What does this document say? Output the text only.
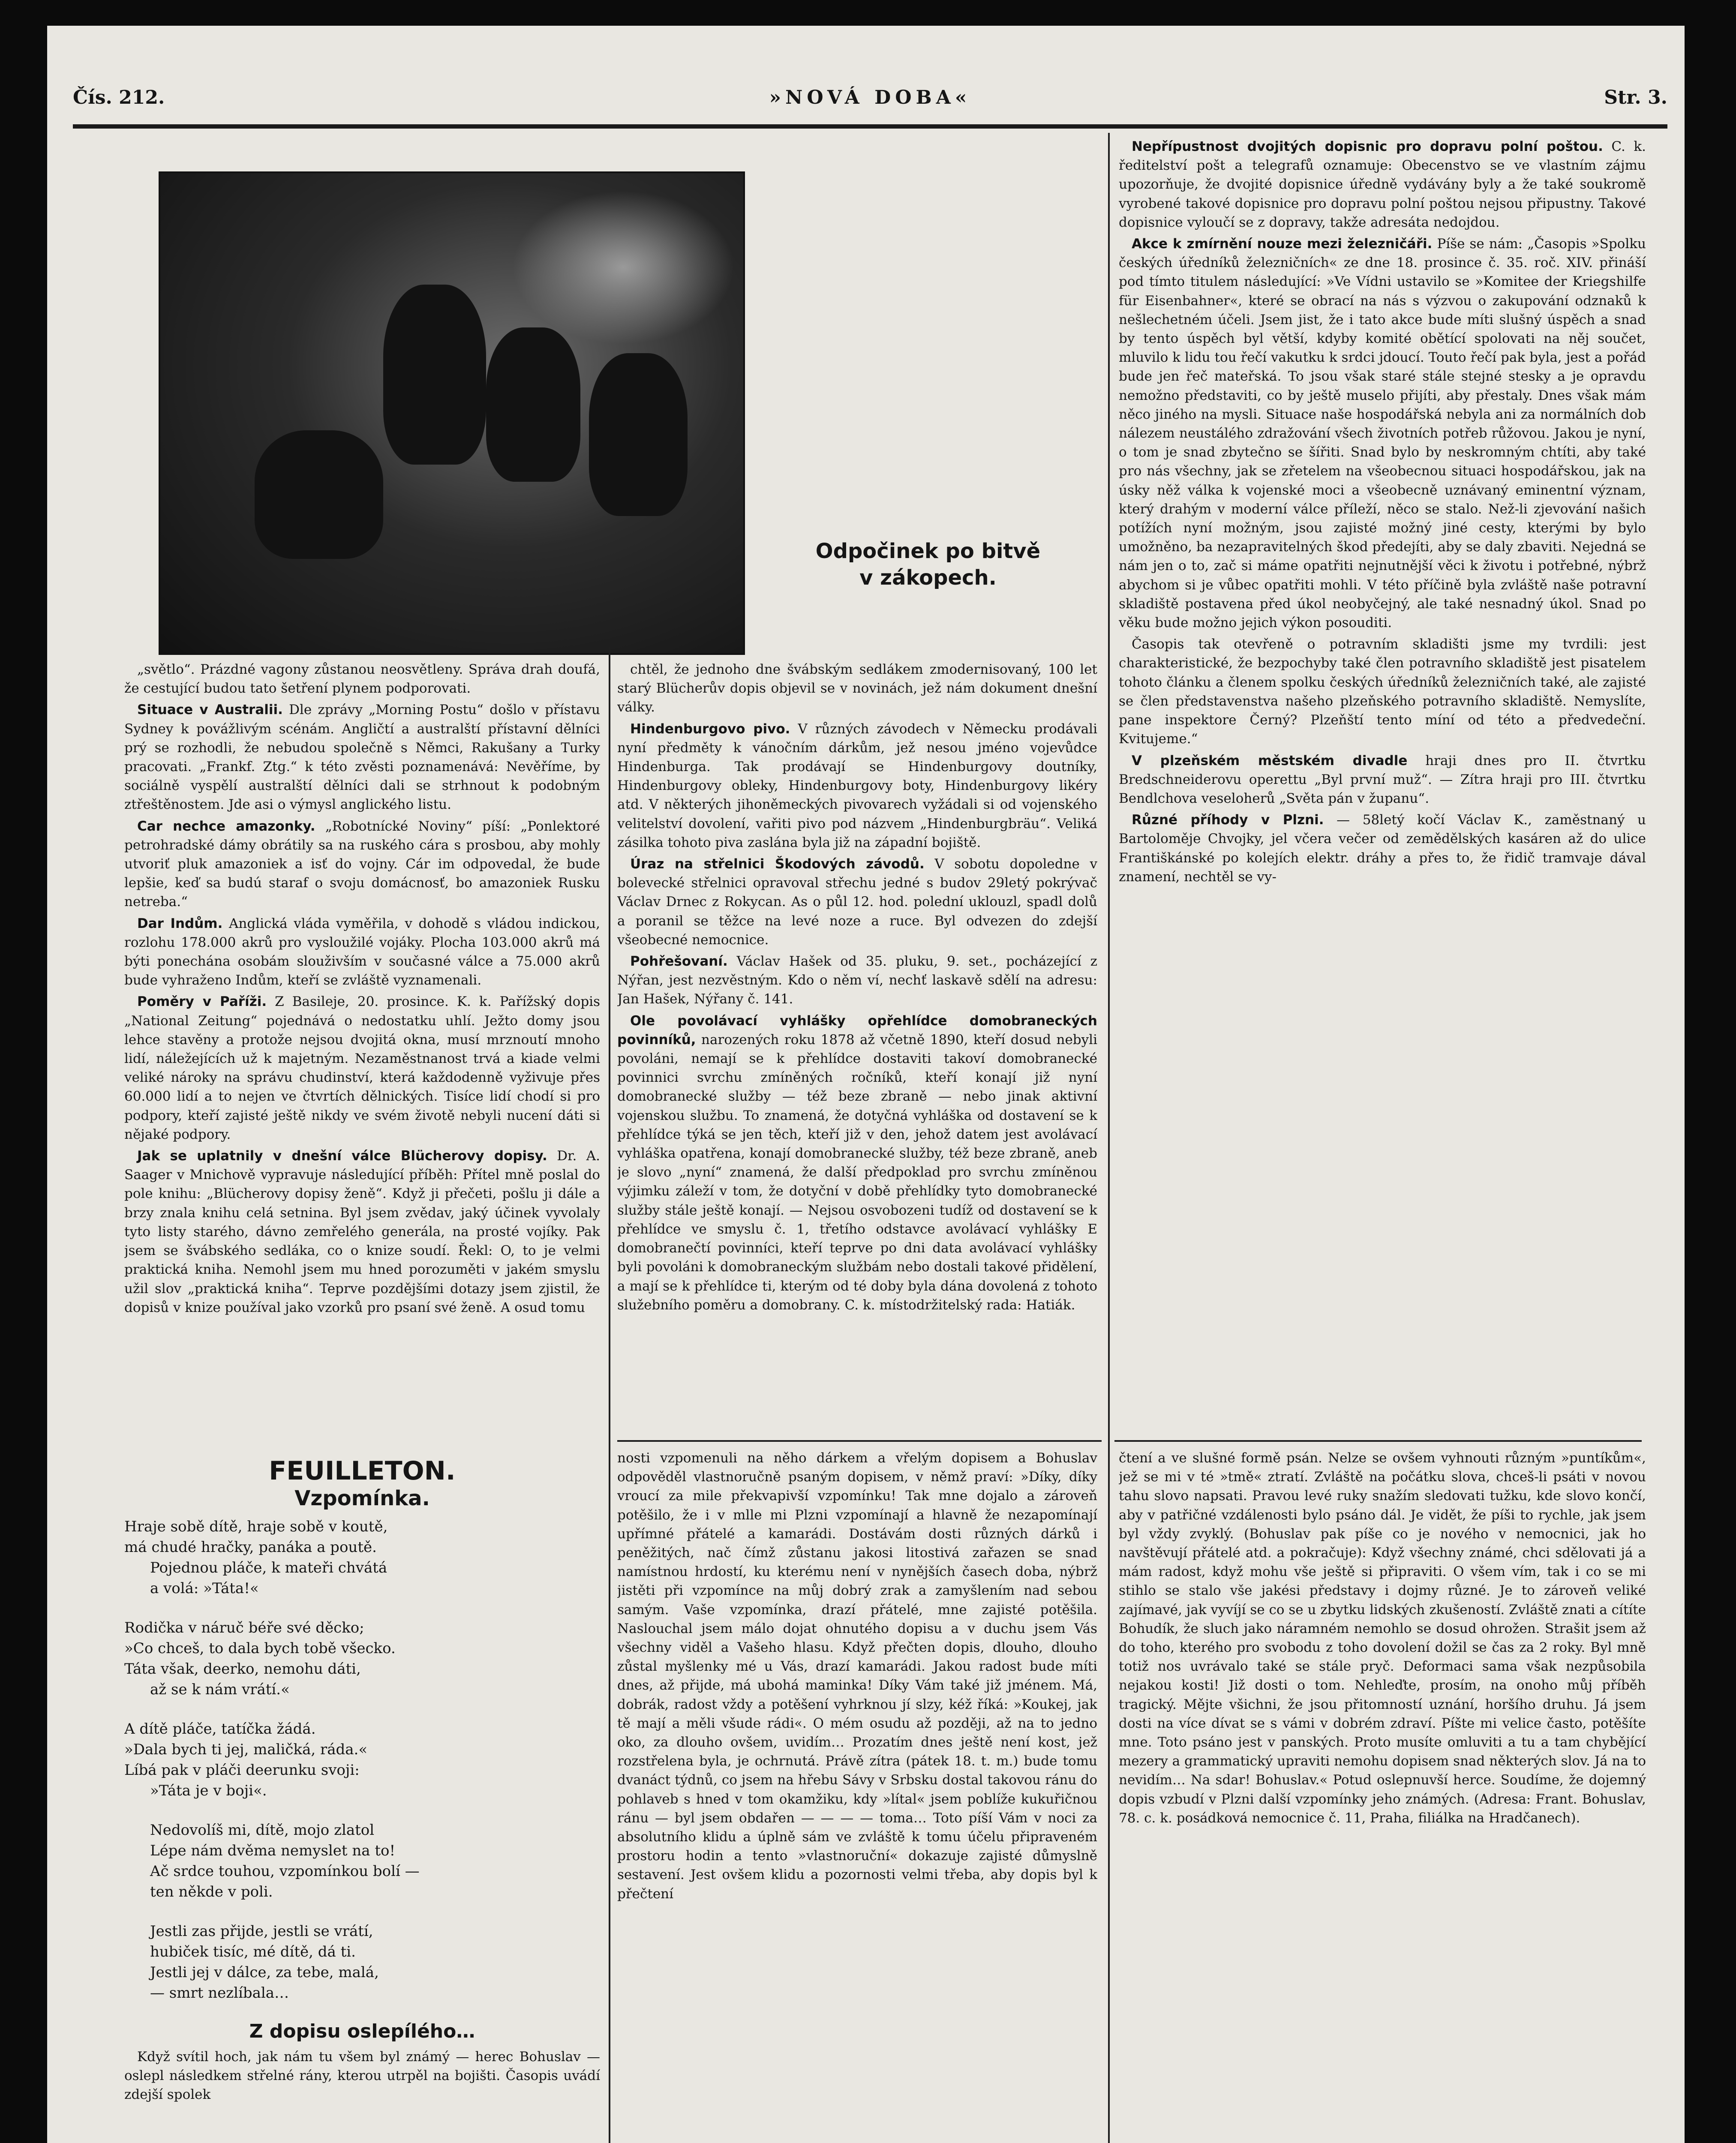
Čís. 212.	»NOVÁ DOBA«	Str. 3.
Odpočinek po bitvě
v zákopech.

„světlo“. Prázdné vagony zůstanou neosvětleny. Správa drah doufá, že cestující budou tato šetření plynem podporovati.

Situace v Australii. Dle zprávy „Morning Postu“ došlo v přístavu Sydney k povážlivým scénám. Angličtí a australští přístavní dělníci prý se rozhodli, že nebudou společně s Němci, Rakušany a Turky pracovati. „Frankf. Ztg.“ k této zvěsti poznamenává: Nevěříme, by sociálně vyspělí australští dělníci dali se strhnout k podobným ztřeštěnostem. Jde asi o výmysl anglického listu.

Car nechce amazonky. „Robotnícké Noviny“ píší: „Ponlektoré petrohradské dámy obrátily sa na ruského cára s prosbou, aby mohly utvoriť pluk amazoniek a isť do vojny. Cár im odpovedal, že bude lepšie, keď sa budú staraf o svoju domácnosť, bo amazoniek Rusku netreba.“

Dar Indům. Anglická vláda vyměřila, v dohodě s vládou indickou, rozlohu 178.000 akrů pro vysloužilé vojáky. Plocha 103.000 akrů má býti ponechána osobám slouživším v současné válce a 75.000 akrů bude vyhraženo Indům, kteří se zvláště vyznamenali.

Poměry v Paříži. Z Basileje, 20. prosince. K. k. Pařížský dopis „National Zeitung“ pojednává o nedostatku uhlí. Ježto domy jsou lehce stavěny a protože nejsou dvojitá okna, musí mrznoutí mnoho lidí, náležejících už k majetným. Nezaměstnanost trvá a kiade velmi veliké nároky na správu chudinství, která každodenně vyživuje přes 60.000 lidí a to nejen ve čtvrtích dělnických. Tisíce lidí chodí si pro podpory, kteří zajisté ještě nikdy ve svém životě nebyli nucení dáti si nějaké podpory.

Jak se uplatnily v dnešní válce Blücherovy dopisy. Dr. A. Saager v Mnichově vypravuje následující příběh: Přítel mně poslal do pole knihu: „Blücherovy dopisy ženě“. Když ji přečeti, pošlu ji dále a brzy znala knihu celá setnina. Byl jsem zvědav, jaký účinek vyvolaly tyto listy starého, dávno zemřelého generála, na prosté vojíky. Pak jsem se švábského sedláka, co o knize soudí. Řekl: O, to je velmi praktická kniha. Nemohl jsem mu hned porozuměti v jakém smyslu užil slov „praktická kniha“. Teprve pozdějšími dotazy jsem zjistil, že dopisů v knize používal jako vzorků pro psaní své ženě. A osud tomu

chtěl, že jednoho dne švábským sedlákem zmodernisovaný, 100 let starý Blücherův dopis objevil se v novinách, jež nám dokument dnešní války.

Hindenburgovo pivo. V různých závodech v Německu prodávali nyní předměty k vánočním dárkům, jež nesou jméno vojevůdce Hindenburga. Tak prodávají se Hindenburgovy doutníky, Hindenburgovy obleky, Hindenburgovy boty, Hindenburgovy likéry atd. V některých jihoněmeckých pivovarech vyžádali si od vojenského velitelství dovolení, vařiti pivo pod názvem „Hindenburgbräu“. Veliká zásilka tohoto piva zaslána byla již na západní bojiště.

Úraz na střelnici Škodových závodů. V sobotu dopoledne v bolevecké střelnici opravoval střechu jedné s budov 29letý pokrývač Václav Drnec z Rokycan. As o půl 12. hod. polední uklouzl, spadl dolů a poranil se těžce na levé noze a ruce. Byl odvezen do zdejší všeobecné nemocnice.

Pohřešovaní. Václav Hašek od 35. pluku, 9. set., pocházející z Nýřan, jest nezvěstným. Kdo o něm ví, nechť laskavě sdělí na adresu: Jan Hašek, Nýřany č. 141.

Ole povolávací vyhlášky opřehlídce domobraneckých povinníků, narozených roku 1878 až včetně 1890, kteří dosud nebyli povoláni, nemají se k přehlídce dostaviti takoví domobranecké povinnici svrchu zmíněných ročníků, kteří konají již nyní domobranecké služby — též beze zbraně — nebo jinak aktivní vojenskou službu. To znamená, že dotyčná vyhláška od dostavení se k přehlídce týká se jen těch, kteří již v den, jehož datem jest avolávací vyhláška opatřena, konají domobranecké služby, též beze zbraně, aneb je slovo „nyní“ znamená, že další předpoklad pro svrchu zmíněnou výjimku záleží v tom, že dotyční v době přehlídky tyto domobranecké služby stále ještě konají. — Nejsou osvobozeni tudíž od dostavení se k přehlídce ve smyslu č. 1, třetího odstavce avolávací vyhlášky E domobranečtí povinníci, kteří teprve po dni data avolávací vyhlášky byli povoláni k domobraneckým službám nebo dostali takové přidělení, a mají se k přehlídce ti, kterým od té doby byla dána dovolená z tohoto služebního poměru a domobrany. C. k. místodržitelský rada: Hatiák.

Nepřípustnost dvojitých dopisnic pro dopravu polní poštou. C. k. ředitelství pošt a telegrafů oznamuje: Obecenstvo se ve vlastním zájmu upozorňuje, že dvojité dopisnice úředně vydávány byly a že také soukromě vyrobené takové dopisnice pro dopravu polní poštou nejsou připustny. Takové dopisnice vyloučí se z dopravy, takže adresáta nedojdou.

Akce k zmírnění nouze mezi železničáři. Píše se nám: „Časopis »Spolku českých úředníků železničních« ze dne 18. prosince č. 35. roč. XIV. přináší pod tímto titulem následující: »Ve Vídni ustavilo se »Komitee der Kriegshilfe für Eisenbahner«, které se obrací na nás s výzvou o zakupování odznaků k nešlechetném účeli. Jsem jist, že i tato akce bude míti slušný úspěch a snad by tento úspěch byl větší, kdyby komité obětící spolovati na něj součet, mluvilo k lidu tou řečí vakutku k srdci jdoucí. Touto řečí pak byla, jest a pořád bude jen řeč mateřská. To jsou však staré stále stejné stesky a je opravdu nemožno představiti, co by ještě muselo přijíti, aby přestaly. Dnes však mám něco jiného na mysli. Situace naše hospodářská nebyla ani za normálních dob nálezem neustálého zdražování všech životních potřeb růžovou. Jakou je nyní, o tom je snad zbytečno se šířiti. Snad bylo by neskromným chtíti, aby také pro nás všechny, jak se zřetelem na všeobecnou situaci hospodářskou, jak na úsky něž válka k vojenské moci a všeobecně uznávaný eminentní význam, který drahým v moderní válce příleží, něco se stalo. Než-li zjevování našich potížích nyní možným, jsou zajisté možný jiné cesty, kterými by bylo umožněno, ba nezapravitelných škod předejíti, aby se daly zbaviti. Nejedná se nám jen o to, zač si máme opatřiti nejnutnější věci k životu i potřebné, nýbrž abychom si je vůbec opatřiti mohli. V této příčině byla zvláště naše potravní skladiště postavena před úkol neobyčejný, ale také nesnadný úkol. Snad po věku bude možno jejich výkon posouditi.

Časopis tak otevřeně o potravním skladišti jsme my tvrdili: jest charakteristické, že bezpochyby také člen potravního skladiště jest pisatelem tohoto článku a členem spolku českých úředníků železničních také, ale zajisté se člen představenstva našeho plzeňského potravního skladiště. Nemyslíte, pane inspektore Černý? Plzeňští tento míní od této a předvedeční. Kvitujeme.“

V plzeňském městském divadle hraji dnes pro II. čtvrtku Bredschneiderovu operettu „Byl první muž“. — Zítra hraji pro III. čtvrtku Bendlchova veseloherů „Světa pán v županu“.

Různé příhody v Plzni. — 58letý kočí Václav K., zaměstnaný u Bartoloměje Chvojky, jel včera večer od zemědělských kasáren až do ulice Františkánské po kolejích elektr. dráhy a přes to, že řidič tramvaje dával znamení, nechtěl se vy-

FEUILLETON.
Vzpomínka.
Hraje sobě dítě, hraje sobě v koutě,
má chudé hračky, panáka a poutě.
Pojednou pláče, k mateři chvátá
a volá: »Táta!«
Rodička v náruč béře své děcko;
»Co chceš, to dala bych tobě všecko.
Táta však, deerko, nemohu dáti,
až se k nám vrátí.«
A dítě pláče, tatíčka žádá.
»Dala bych ti jej, maličká, ráda.«
Líbá pak v pláči deerunku svoji:
»Táta je v boji«.
Nedovolíš mi, dítě, mojo zlatol
Lépe nám dvěma nemyslet na to!
Ač srdce touhou, vzpomínkou bolí —
ten někde v poli.
Jestli zas přijde, jestli se vrátí,
hubiček tisíc, mé dítě, dá ti.
Jestli jej v dálce, za tebe, malá,
— smrt nezlíbala…
Z dopisu oslepílého…

Když svítil hoch, jak nám tu všem byl známý — herec Bohuslav — oslepl následkem střelné rány, kterou utrpěl na bojišti. Časopis uvádí zdejší spolek

nosti vzpomenuli na něho dárkem a vřelým dopisem a Bohuslav odpověděl vlastnoručně psaným dopisem, v němž praví: »Díky, díky vroucí za mile překvapivší vzpomínku! Tak mne dojalo a zároveň potěšilo, že i v mlle mi Plzni vzpomínají a hlavně že nezapomínají upřímné přátelé a kamarádi. Dostávám dosti různých dárků i peněžitých, nač čímž zůstanu jakosi litostivá zařazen se snad namístnou hrdostí, ku kterému není v nynějších časech doba, nýbrž jistěti při vzpomínce na můj dobrý zrak a zamyšlením nad sebou samým. Vaše vzpomínka, drazí přátelé, mne zajisté potěšila. Naslouchal jsem málo dojat ohnutého dopisu a v duchu jsem Vás všechny viděl a Vašeho hlasu. Když přečten dopis, dlouho, dlouho zůstal myšlenky mé u Vás, drazí kamarádi. Jakou radost bude míti dnes, až přijde, má ubohá maminka! Díky Vám také již jménem. Má, dobrák, radost vždy a potěšení vyhrknou jí slzy, kéž říká: »Koukej, jak tě mají a měli všude rádi«. O mém osudu až později, až na to jedno oko, za dlouho ovšem, uvidím… Prozatím dnes ještě není kost, jež rozstřelena byla, je ochrnutá. Právě zítra (pátek 18. t. m.) bude tomu dvanáct týdnů, co jsem na hřebu Sávy v Srbsku dostal takovou ránu do pohlaveb s hned v tom okamžiku, kdy »lítal« jsem poblíže kukuřičnou ránu — byl jsem obdařen — — — — toma… Toto píší Vám v noci za absolutního klidu a úplně sám ve zvláště k tomu účelu připraveném prostoru hodin a tento »vlastnoruční« dokazuje zajisté důmyslně sestavení. Jest ovšem klidu a pozornosti velmi třeba, aby dopis byl k přečtení

čtení a ve slušné formě psán. Nelze se ovšem vyhnouti různým »puntíkům«, jež se mi v té »tmě« ztratí. Zvláště na počátku slova, chceš-li psáti v novou tahu slovo napsati. Pravou levé ruky snažím sledovati tužku, kde slovo končí, aby v patřičné vzdálenosti bylo psáno dál. Je vidět, že píši to rychle, jak jsem byl vždy zvyklý. (Bohuslav pak píše co je nového v nemocnici, jak ho navštěvují přátelé atd. a pokračuje): Když všechny známé, chci sdělovati já a mám radost, když mohu vše ještě si připraviti. O všem vím, tak i co se mi stihlo se stalo vše jakési představy i dojmy různé. Je to zároveň veliké zajímavé, jak vyvíjí se co se u zbytku lidských zkušeností. Zvláště znati a cítíte Bohudík, že sluch jako náramném nemohlo se dosud ohrožen. Strašit jsem až do toho, kterého pro svobodu z toho dovolení dožil se čas za 2 roky. Byl mně totiž nos uvrávalo také se stále pryč. Deformaci sama však nezpůsobila nejakou kosti! Již dosti o tom. Nehleďte, prosím, na onoho můj příběh tragický. Mějte všichni, že jsou přitomností uznání, horšího druhu. Já jsem dosti na více dívat se s vámi v dobrém zdraví. Píšte mi velice často, potěšíte mne. Toto psáno jest v panských. Proto musíte omluviti a tu a tam chybějící mezery a grammatický upraviti nemohu dopisem snad některých slov. Já na to nevidím… Na sdar! Bohuslav.« Potud oslepnuvší herce. Soudíme, že dojemný dopis vzbudí v Plzni další vzpomínky jeho známých. (Adresa: Frant. Bohuslav, 78. c. k. posádková nemocnice č. 11, Praha, filiálka na Hradčanech).
